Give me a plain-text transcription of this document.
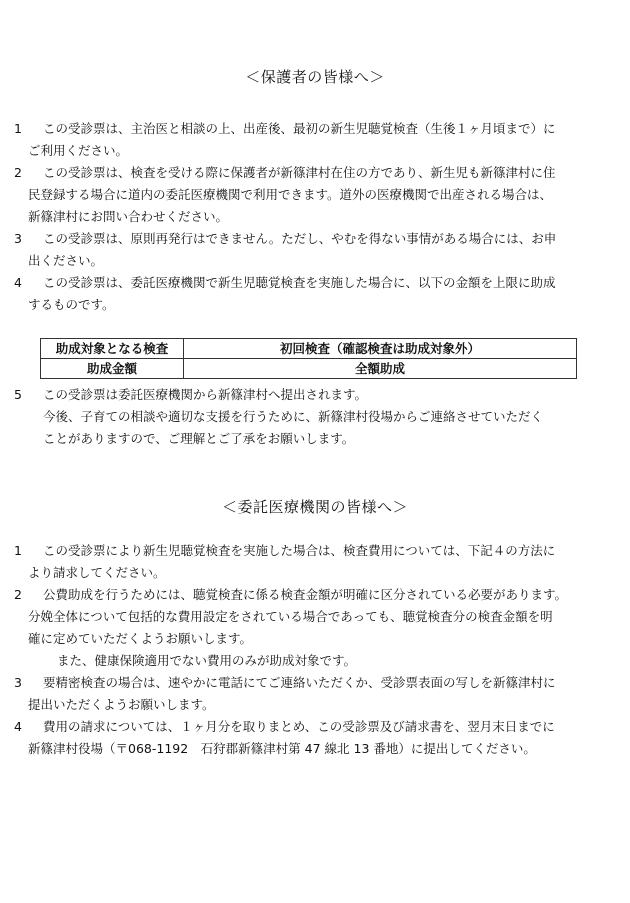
＜保護者の皆様へ＞
1 この受診票は、主治医と相談の上、出産後、最初の新生児聴覚検査（生後１ヶ月頃まで）に
ご利用ください。
2 この受診票は、検査を受ける際に保護者が新篠津村在住の方であり、新生児も新篠津村に住
民登録する場合に道内の委託医療機関で利用できます。道外の医療機関で出産される場合は、
新篠津村にお問い合わせください。
3 この受診票は、原則再発行はできません。ただし、やむを得ない事情がある場合には、お申
出ください。
4 この受診票は、委託医療機関で新生児聴覚検査を実施した場合に、以下の金額を上限に助成
するものです。
助成対象となる検査	初回検査（確認検査は助成対象外）
助成金額	全額助成
5 この受診票は委託医療機関から新篠津村へ提出されます。
今後、子育ての相談や適切な支援を行うために、新篠津村役場からご連絡させていただく
ことがありますので、ご理解とご了承をお願いします。
＜委託医療機関の皆様へ＞
1 この受診票により新生児聴覚検査を実施した場合は、検査費用については、下記４の方法に
より請求してください。
2 公費助成を行うためには、聴覚検査に係る検査金額が明確に区分されている必要があります。
分娩全体について包括的な費用設定をされている場合であっても、聴覚検査分の検査金額を明
確に定めていただくようお願いします。
また、健康保険適用でない費用のみが助成対象です。
3 要精密検査の場合は、速やかに電話にてご連絡いただくか、受診票表面の写しを新篠津村に
提出いただくようお願いします。
4 費用の請求については、１ヶ月分を取りまとめ、この受診票及び請求書を、翌月末日までに
新篠津村役場（〒068-1192　石狩郡新篠津村第 47 線北 13 番地）に提出してください。
